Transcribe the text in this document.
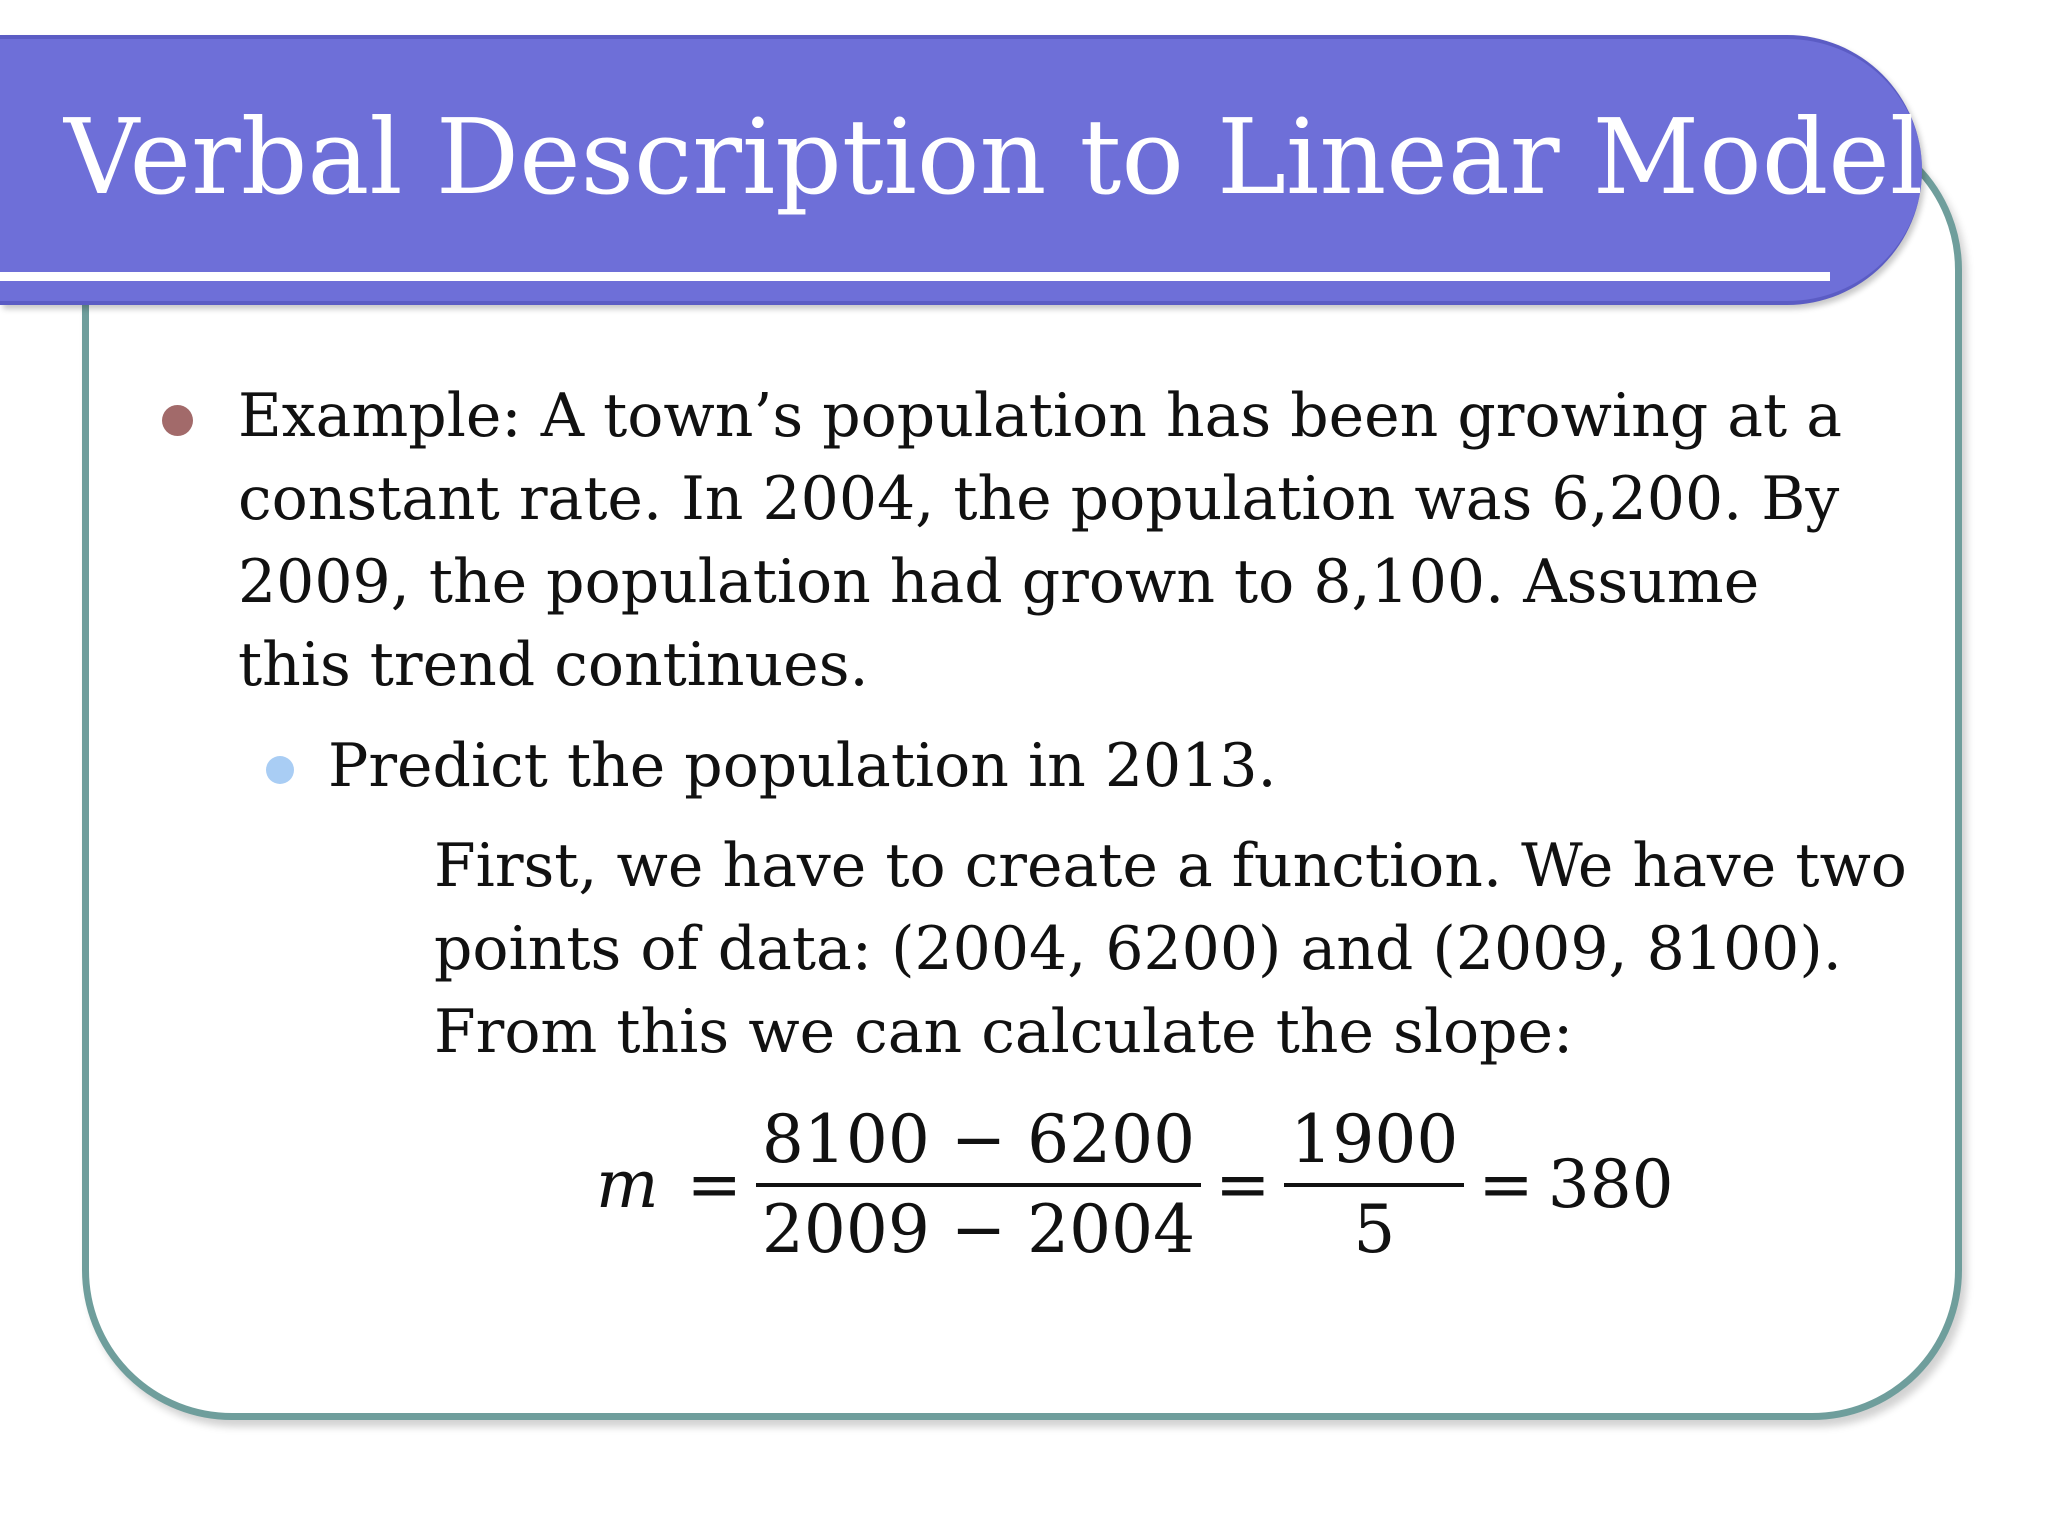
Verbal Description to Linear Model

Example: A town’s population has been growing at a constant rate. In 2004, the population was 6,200. By 2009, the population had grown to 8,100. Assume this trend continues.

Predict the population in 2013.

First, we have to create a function. We have two
points of data: (2004, 6200) and (2009, 8100).
From this we can calculate the slope:
$m = \frac{8100 - 6200}{2009 - 2004} = \frac{1900}{5} = 380$
